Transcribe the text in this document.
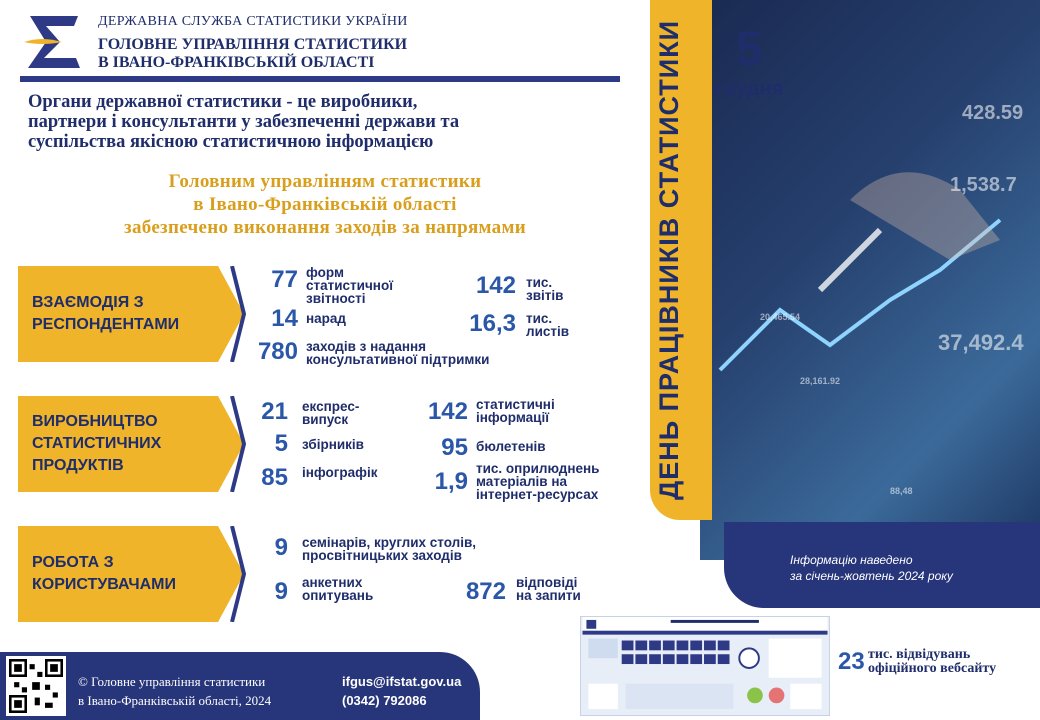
ДЕРЖАВНА СЛУЖБА СТАТИСТИКИ УКРАЇНИ
ГОЛОВНЕ УПРАВЛІННЯ СТАТИСТИКИ
В ІВАНО-ФРАНКІВСЬКІЙ ОБЛАСТІ
Органи державної статистики - це виробники,
партнери і консультанти у забезпеченні держави та
суспільства якісною статистичною інформацією
Головним управлінням статистики
в Івано-Франківській області
забезпечено виконання заходів за напрямами
ВЗАЄМОДІЯ З
РЕСПОНДЕНТАМИ
77 форм
статистичної
звітності
14 нарад
780 заходів з надання
консультативної підтримки
142 тис.
звітів
16,3 тис.
листів
ВИРОБНИЦТВО
СТАТИСТИЧНИХ
ПРОДУКТІВ
21 експрес-
випуск
5 збірників
85 інфографік
142 статистичні
інформації
95 бюлетенів
1,9 тис. оприлюднень
матеріалів на
інтернет-ресурсах
РОБОТА З
КОРИСТУВАЧАМИ
9 семінарів, круглих столів,
просвітницьких заходів
9 анкетних
опитувань	872 відповіді
на запити
428.59
1,538.7
37,492.4
20,465.54
28,161.92
88,48
ДЕНЬ ПРАЦІВНИКІВ СТАТИСТИКИ 5
грудня
Інформацію наведено
за січень-жовтень 2024 року
© Головне управління статистики
в Івано-Франківській області, 2024
ifgus@ifstat.gov.ua
(0342) 792086
23 тис. відвідувань
офіційного вебсайту
